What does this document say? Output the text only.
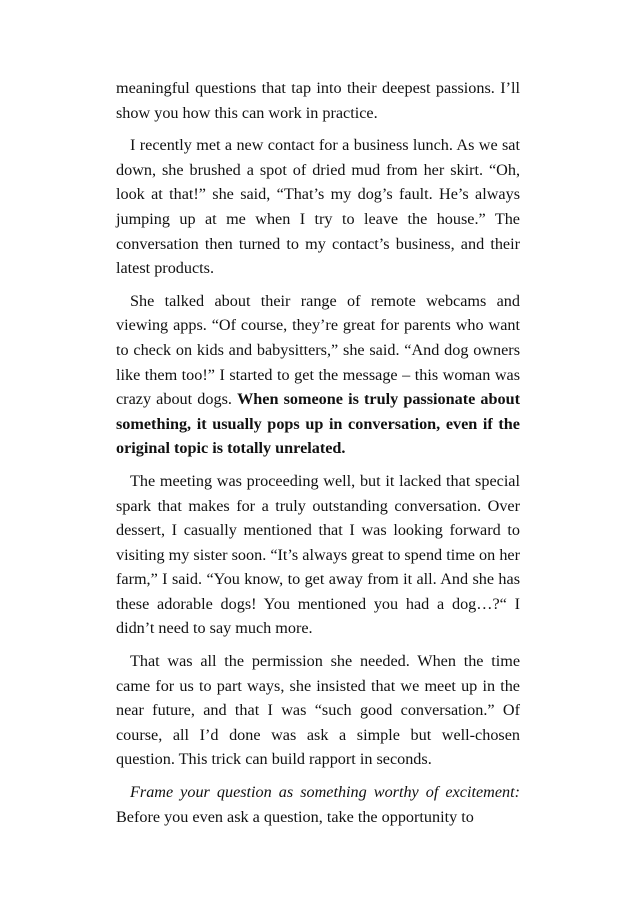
meaningful questions that tap into their deepest passions. I’ll show you how this can work in practice.

I recently met a new contact for a business lunch. As we sat down, she brushed a spot of dried mud from her skirt. “Oh, look at that!” she said, “That’s my dog’s fault. He’s always jumping up at me when I try to leave the house.” The conversation then turned to my contact’s business, and their latest products.

She talked about their range of remote webcams and viewing apps. “Of course, they’re great for parents who want to check on kids and babysitters,” she said. “And dog owners like them too!” I started to get the message – this woman was crazy about dogs. When someone is truly passionate about something, it usually pops up in conversation, even if the original topic is totally unrelated.

The meeting was proceeding well, but it lacked that special spark that makes for a truly outstanding conversation. Over dessert, I casually mentioned that I was looking forward to visiting my sister soon. “It’s always great to spend time on her farm,” I said. “You know, to get away from it all. And she has these adorable dogs! You mentioned you had a dog…?“ I didn’t need to say much more.

That was all the permission she needed. When the time came for us to part ways, she insisted that we meet up in the near future, and that I was “such good conversation.” Of course, all I’d done was ask a simple but well-chosen question. This trick can build rapport in seconds.

Frame your question as something worthy of excitement: Before you even ask a question, take the opportunity to
